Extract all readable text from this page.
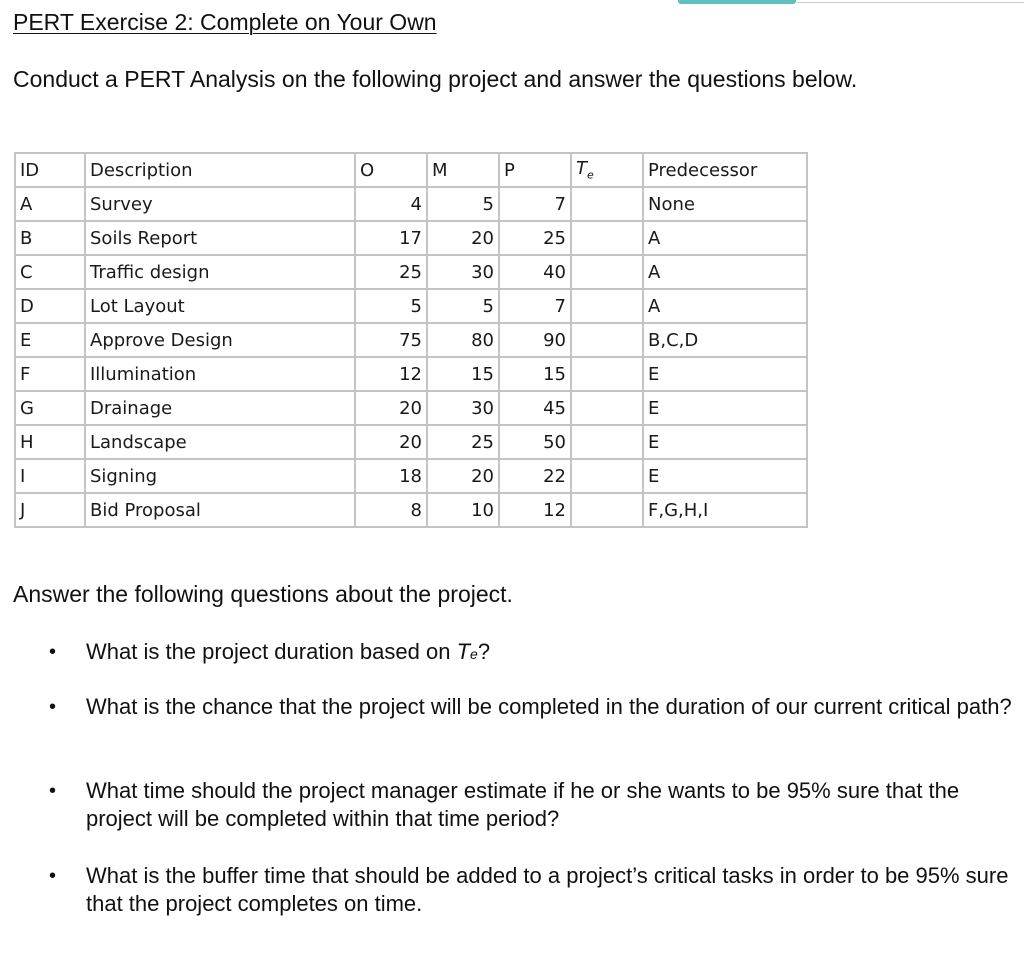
PERT Exercise 2: Complete on Your Own

Conduct a PERT Analysis on the following project and answer the questions below.

ID	Description	O	M	P	$T_e$	Predecessor
A	Survey	4	5	7		None
B	Soils Report	17	20	25		A
C	Traffic design	25	30	40		A
D	Lot Layout	5	5	7		A
E	Approve Design	75	80	90		B,C,D
F	Illumination	12	15	15		E
G	Drainage	20	30	45		E
H	Landscape	20	25	50		E
I	Signing	18	20	22		E
J	Bid Proposal	8	10	12		F,G,H,I

Answer the following questions about the project.

• What is the project duration based on Te?
• What is the chance that the project will be completed in the duration of our current critical path?
• What time should the project manager estimate if he or she wants to be 95% sure that the project will be completed within that time period?
• What is the buffer time that should be added to a project’s critical tasks in order to be 95% sure that the project completes on time.
